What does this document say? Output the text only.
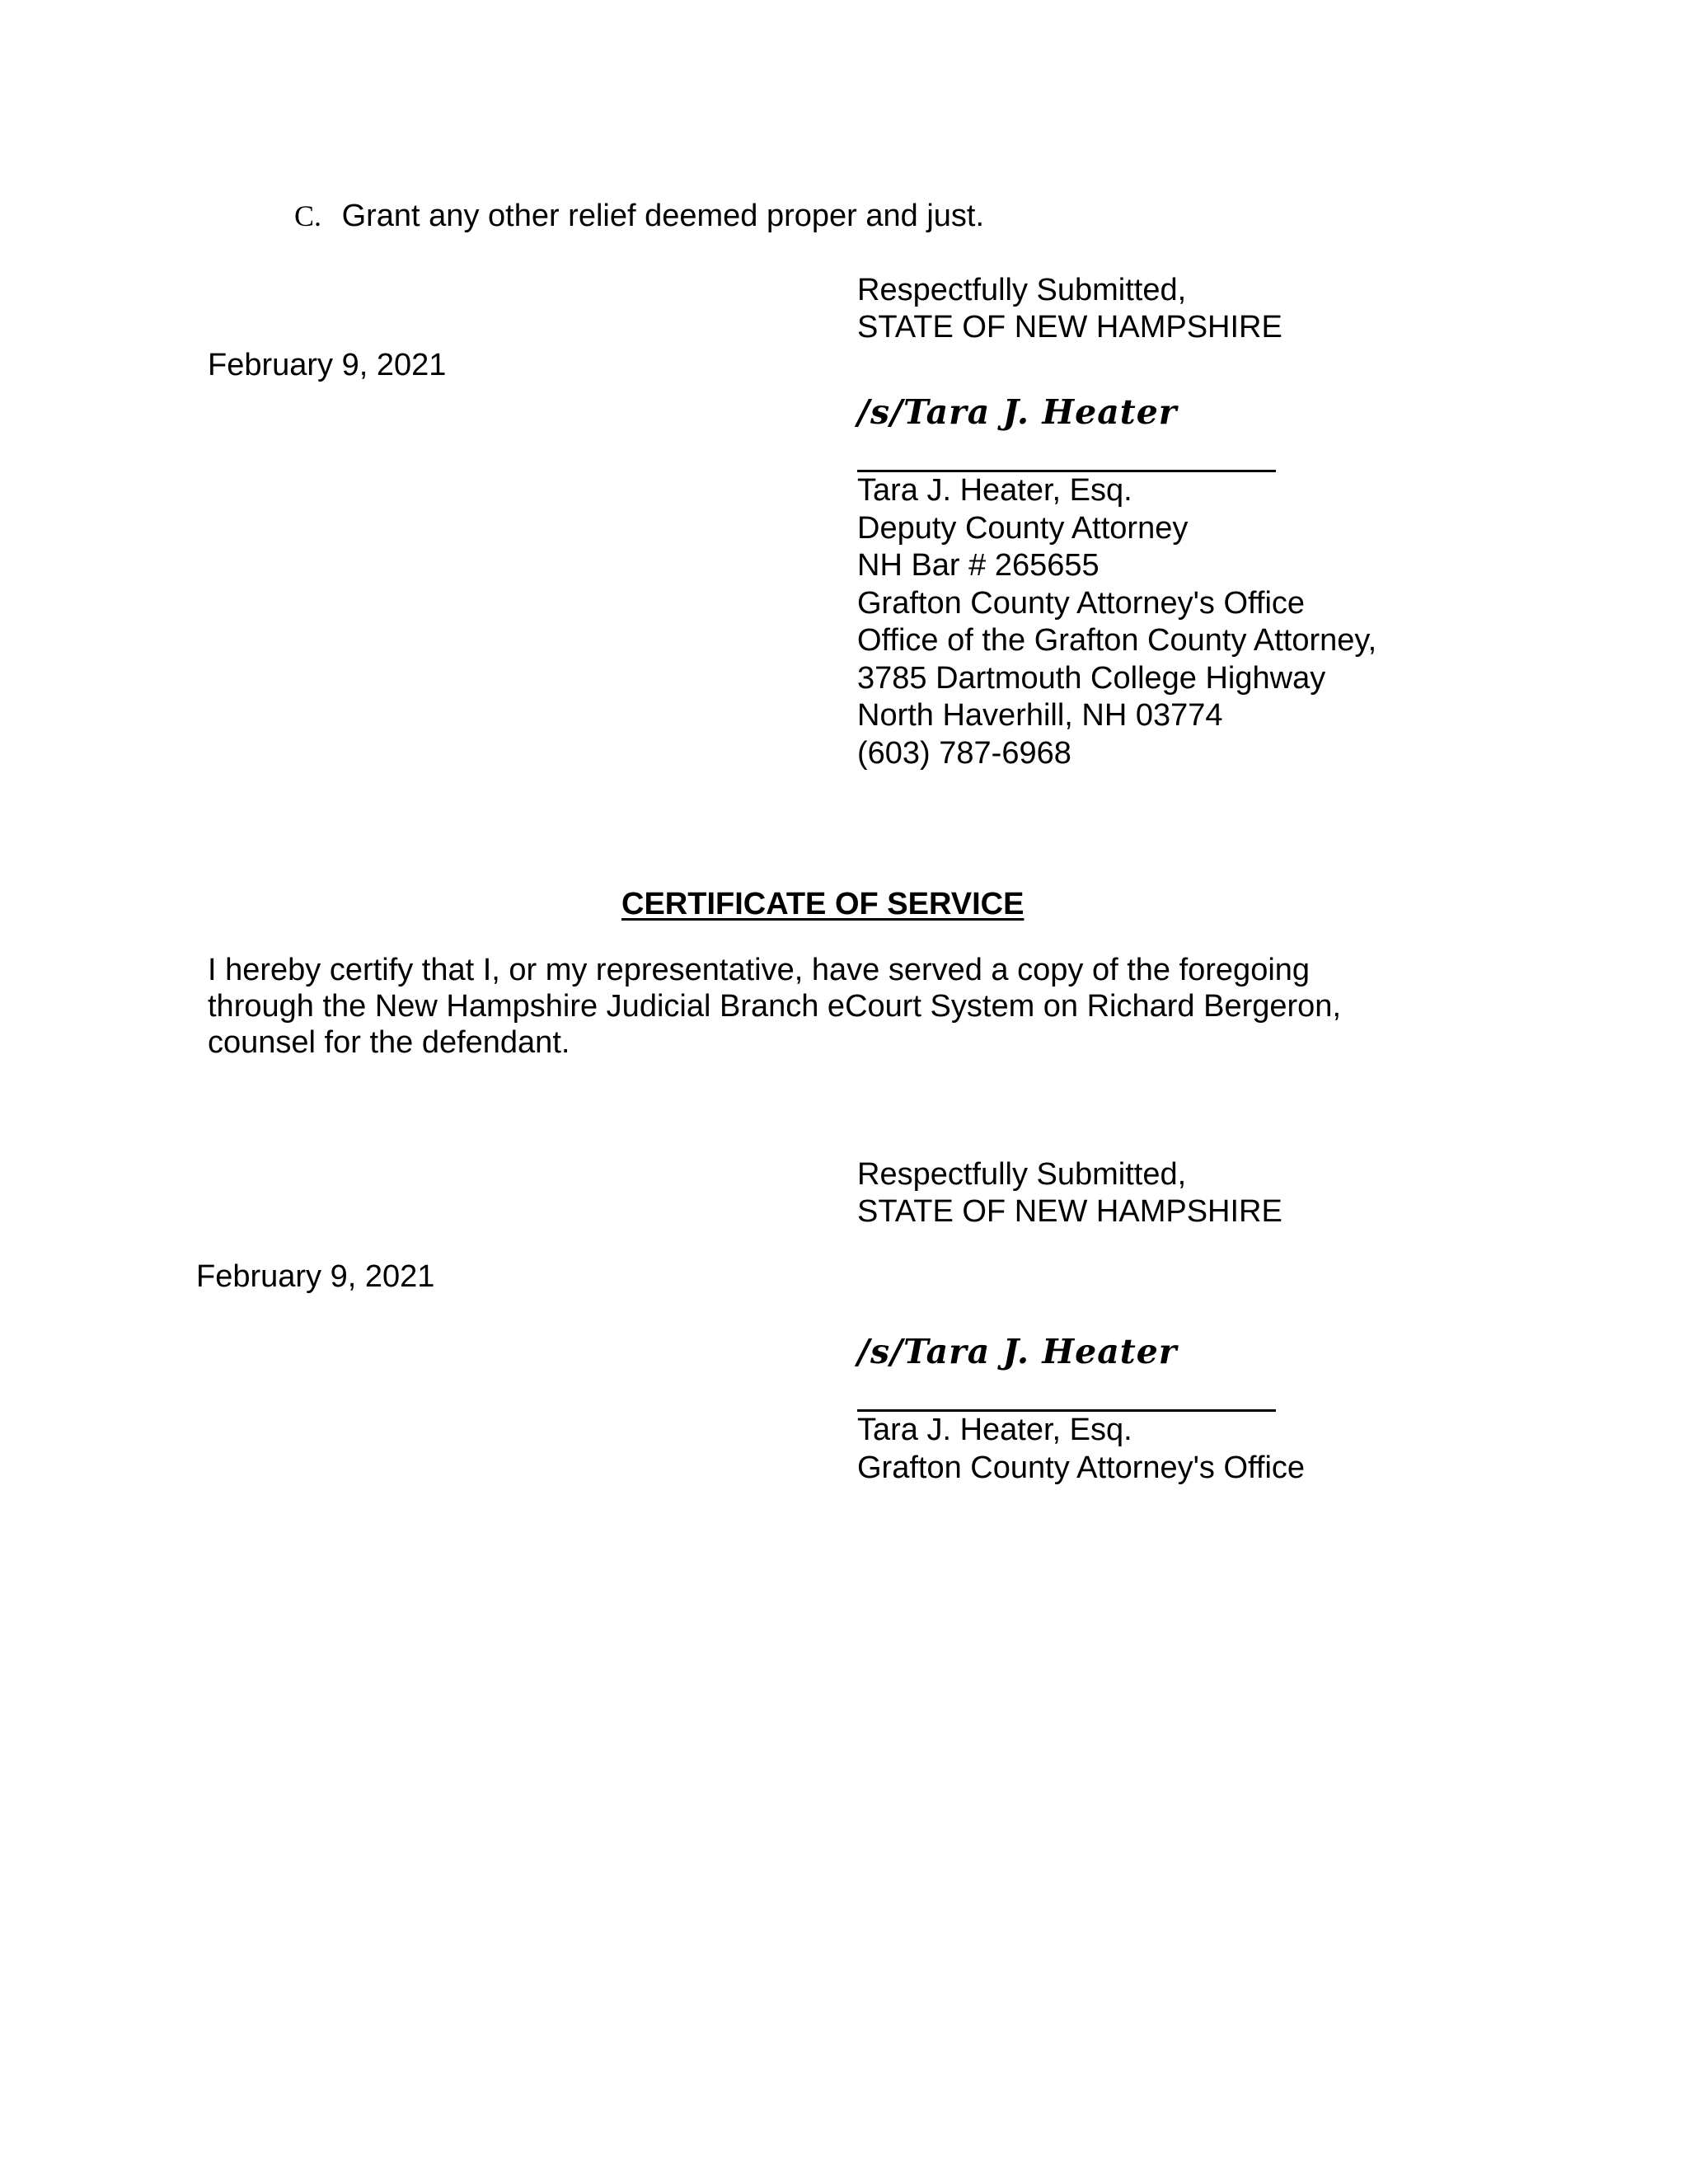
C. Grant any other relief deemed proper and just.
Respectfully Submitted,
STATE OF NEW HAMPSHIRE
February 9, 2021
/s/Tara J. Heater
Tara J. Heater, Esq.
Deputy County Attorney
NH Bar # 265655
Grafton County Attorney's Office
Office of the Grafton County Attorney,
3785 Dartmouth College Highway
North Haverhill, NH 03774
(603) 787-6968
CERTIFICATE OF SERVICE
I hereby certify that I, or my representative, have served a copy of the foregoing
through the New Hampshire Judicial Branch eCourt System on Richard Bergeron,
counsel for the defendant.
Respectfully Submitted,
STATE OF NEW HAMPSHIRE
February 9, 2021
/s/Tara J. Heater
Tara J. Heater, Esq.
Grafton County Attorney's Office
